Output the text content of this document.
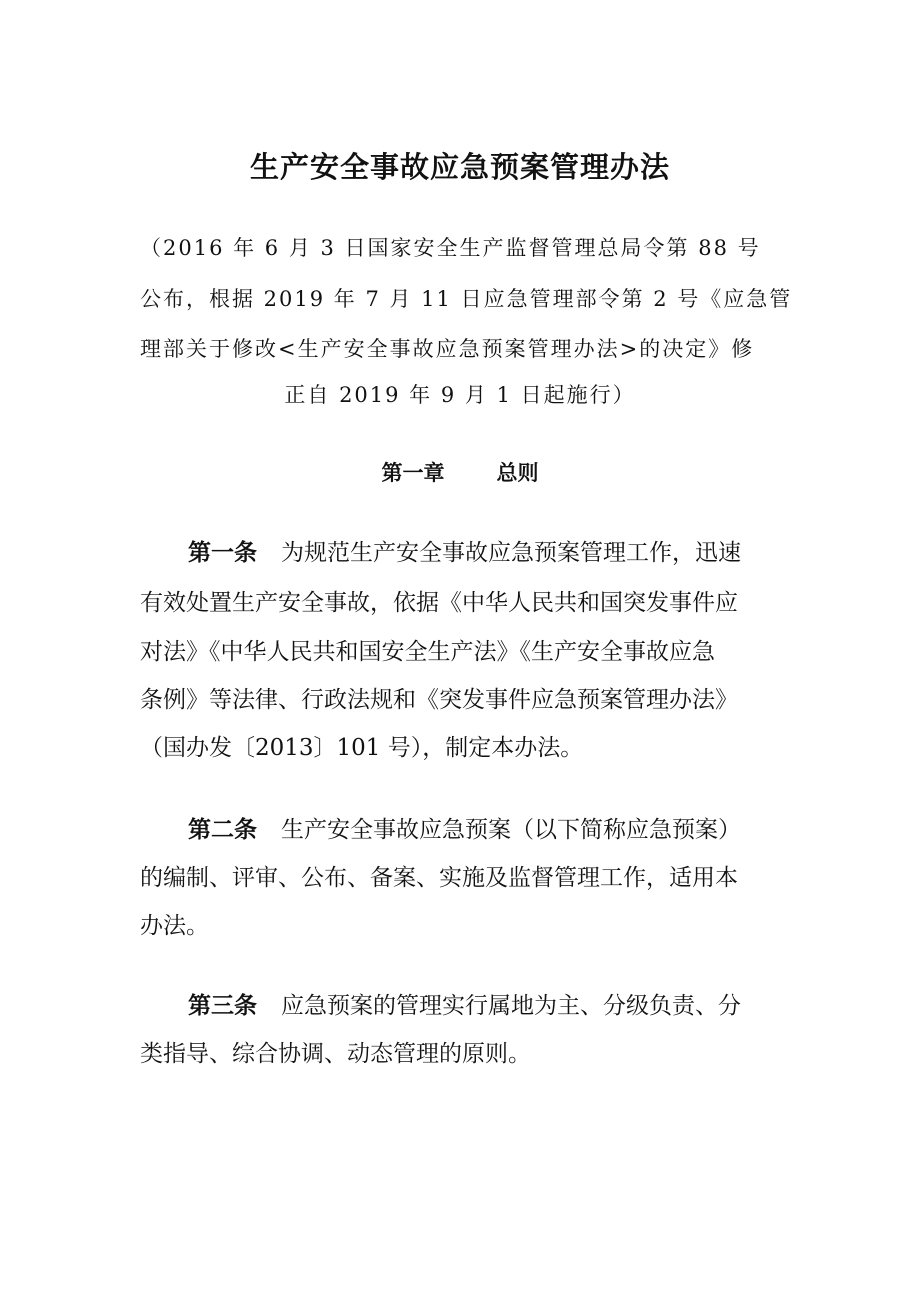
生产安全事故应急预案管理办法

（2016 年 6 月 3 日国家安全生产监督管理总局令第 88 号

公布，根据 2019 年 7 月 11 日应急管理部令第 2 号《应急管

理部关于修改<生产安全事故应急预案管理办法>的决定》修

正自 2019 年 9 月 1 日起施行）

第一章 总则

第一条 为规范生产安全事故应急预案管理工作，迅速

有效处置生产安全事故，依据《中华人民共和国突发事件应

对法》《中华人民共和国安全生产法》《生产安全事故应急

条例》等法律、行政法规和《突发事件应急预案管理办法》

（国办发〔2013〕101 号），制定本办法。

第二条 生产安全事故应急预案（以下简称应急预案）

的编制、评审、公布、备案、实施及监督管理工作，适用本

办法。

第三条 应急预案的管理实行属地为主、分级负责、分

类指导、综合协调、动态管理的原则。
